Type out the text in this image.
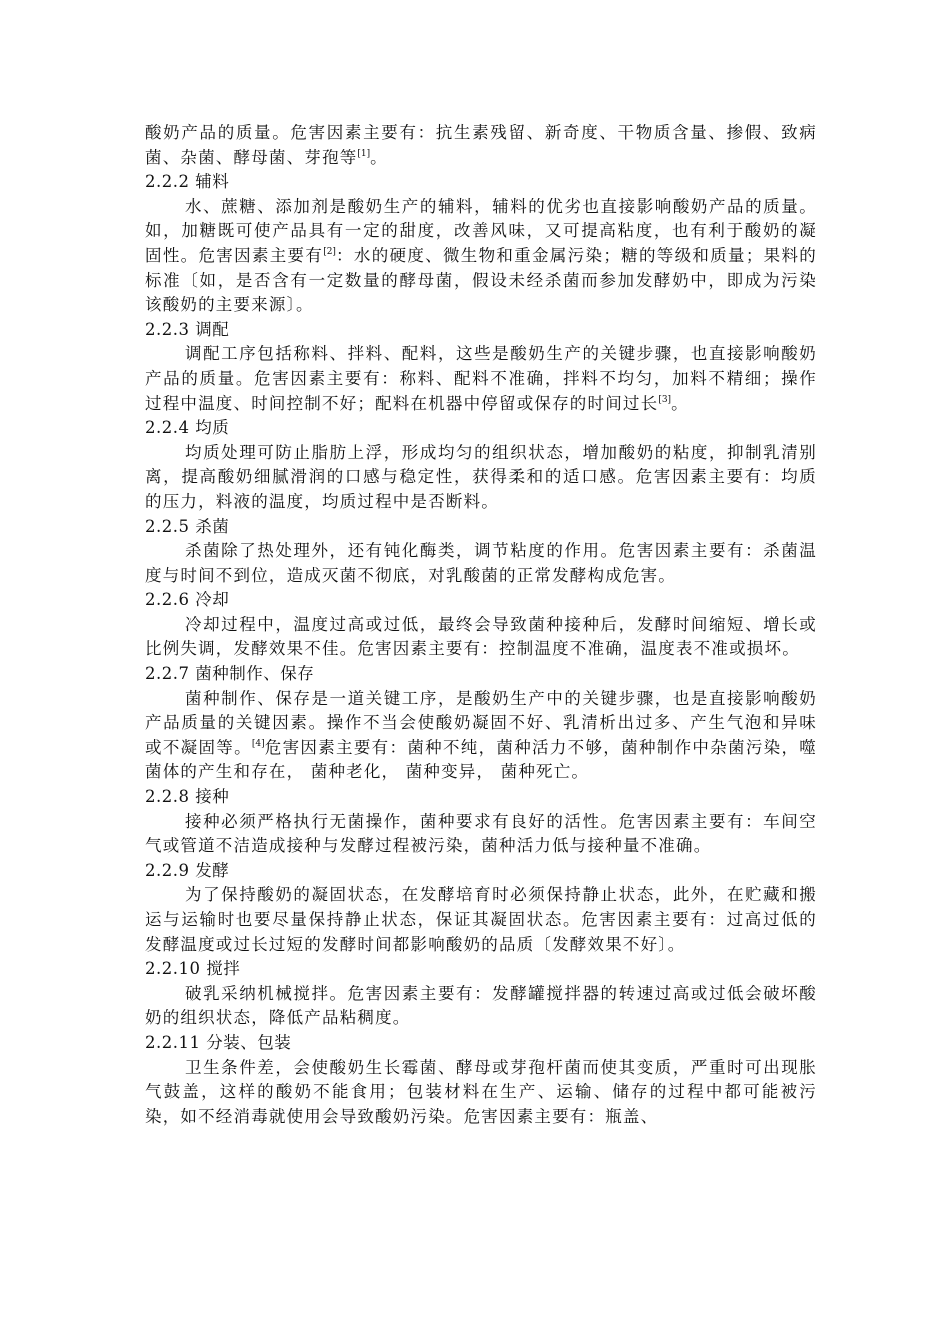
酸奶产品的质量。危害因素主要有：抗生素残留、新奇度、干物质含量、掺假、致病菌、杂菌、酵母菌、芽孢等[1]。

2.2.2 辅料

水、蔗糖、添加剂是酸奶生产的辅料，辅料的优劣也直接影响酸奶产品的质量。如，加糖既可使产品具有一定的甜度，改善风味，又可提高粘度，也有利于酸奶的凝固性。危害因素主要有[2]：水的硬度、微生物和重金属污染；糖的等级和质量；果料的标准〔如，是否含有一定数量的酵母菌，假设未经杀菌而参加发酵奶中，即成为污染该酸奶的主要来源〕。

2.2.3 调配

调配工序包括称料、拌料、配料，这些是酸奶生产的关键步骤，也直接影响酸奶产品的质量。危害因素主要有：称料、配料不准确，拌料不均匀，加料不精细；操作过程中温度、时间控制不好；配料在机器中停留或保存的时间过长[3]。

2.2.4 均质

均质处理可防止脂肪上浮，形成均匀的组织状态，增加酸奶的粘度，抑制乳清别离，提高酸奶细腻滑润的口感与稳定性，获得柔和的适口感。危害因素主要有：均质的压力，料液的温度，均质过程中是否断料。

2.2.5 杀菌

杀菌除了热处理外，还有钝化酶类，调节粘度的作用。危害因素主要有：杀菌温度与时间不到位，造成灭菌不彻底，对乳酸菌的正常发酵构成危害。

2.2.6 冷却

冷却过程中，温度过高或过低，最终会导致菌种接种后，发酵时间缩短、增长或比例失调，发酵效果不佳。危害因素主要有：控制温度不准确，温度表不准或损坏。

2.2.7 菌种制作、保存

菌种制作、保存是一道关键工序，是酸奶生产中的关键步骤，也是直接影响酸奶产品质量的关键因素。操作不当会使酸奶凝固不好、乳清析出过多、产生气泡和异味或不凝固等。[4]危害因素主要有：菌种不纯，菌种活力不够，菌种制作中杂菌污染，噬菌体的产生和存在， 菌种老化， 菌种变异， 菌种死亡。

2.2.8 接种

接种必须严格执行无菌操作，菌种要求有良好的活性。危害因素主要有：车间空气或管道不洁造成接种与发酵过程被污染，菌种活力低与接种量不准确。

2.2.9 发酵

为了保持酸奶的凝固状态，在发酵培育时必须保持静止状态，此外，在贮藏和搬运与运输时也要尽量保持静止状态，保证其凝固状态。危害因素主要有：过高过低的发酵温度或过长过短的发酵时间都影响酸奶的品质〔发酵效果不好〕。

2.2.10 搅拌

破乳采纳机械搅拌。危害因素主要有：发酵罐搅拌器的转速过高或过低会破坏酸奶的组织状态，降低产品粘稠度。

2.2.11 分装、包装

卫生条件差，会使酸奶生长霉菌、酵母或芽孢杆菌而使其变质，严重时可出现胀气鼓盖，这样的酸奶不能食用；包装材料在生产、运输、储存的过程中都可能被污染，如不经消毒就使用会导致酸奶污染。危害因素主要有：瓶盖、
